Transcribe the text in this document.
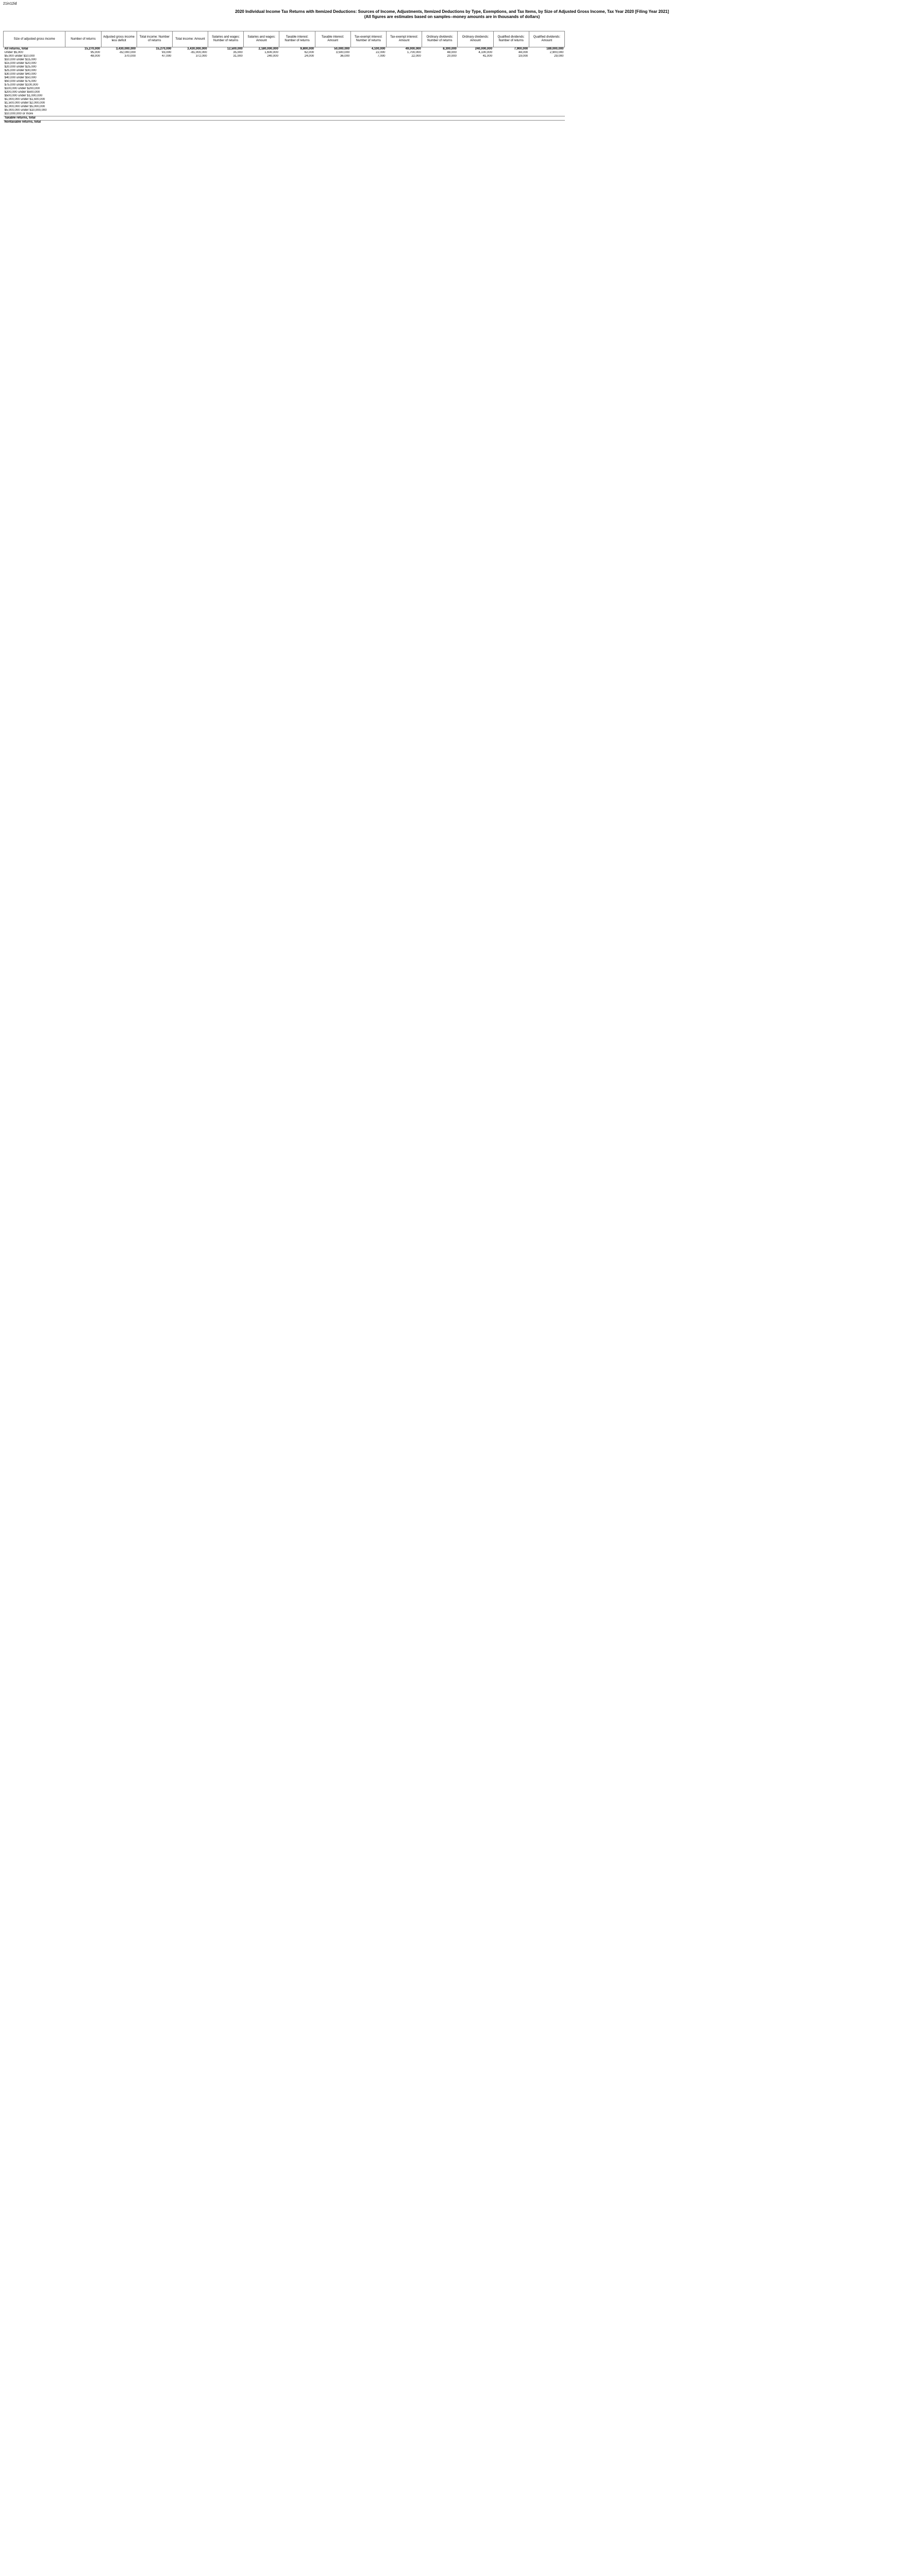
21in12id
2020 Individual Income Tax Returns with Itemized Deductions: Sources of Income, Adjustments, Itemized Deductions by Type, Exemptions, and Tax Items, by Size of Adjusted Gross Income, Tax Year 2020 [Filing Year 2021]
(All figures are estimates based on samples--money amounts are in thousands of dollars)
Size of adjusted gross income	Number of returns	Adjusted gross income less deficit	Total income: Number of returns	Total income: Amount	Salaries and wages: Number of returns	Salaries and wages: Amount	Taxable interest: Number of returns	Taxable interest: Amount	Tax-exempt interest: Number of returns	Tax-exempt interest: Amount	Ordinary dividends: Number of returns	Ordinary dividends: Amount	Qualified dividends: Number of returns	Qualified dividends: Amount
All returns, total	15,270,000	3,430,000,000	15,270,000	3,430,000,000	12,500,000	2,180,000,000	9,800,000	50,000,000	4,100,000	49,000,000	8,300,000	240,000,000	7,900,000	189,000,000
Under $5,000	95,000	-82,000,000	93,000	-81,000,000	35,000	1,600,000	62,000	3,500,000	22,000	1,700,000	48,000	4,100,000	44,000	2,900,000
$5,000 under $10,000	48,000	370,000	47,000	372,000	31,000	240,000	24,000	36,000	7,000	22,000	20,000	41,000	19,000	29,000
$10,000 under $15,000														
$15,000 under $20,000														
$20,000 under $25,000														
$25,000 under $30,000														
$30,000 under $40,000														
$40,000 under $50,000														
$50,000 under $75,000														
$75,000 under $100,000														
$100,000 under $200,000														
$200,000 under $500,000														
$500,000 under $1,000,000														
$1,000,000 under $1,500,000														
$1,500,000 under $2,000,000														
$2,000,000 under $5,000,000														
$5,000,000 under $10,000,000														
$10,000,000 or more														
Taxable returns, total														
Nontaxable returns, total														
